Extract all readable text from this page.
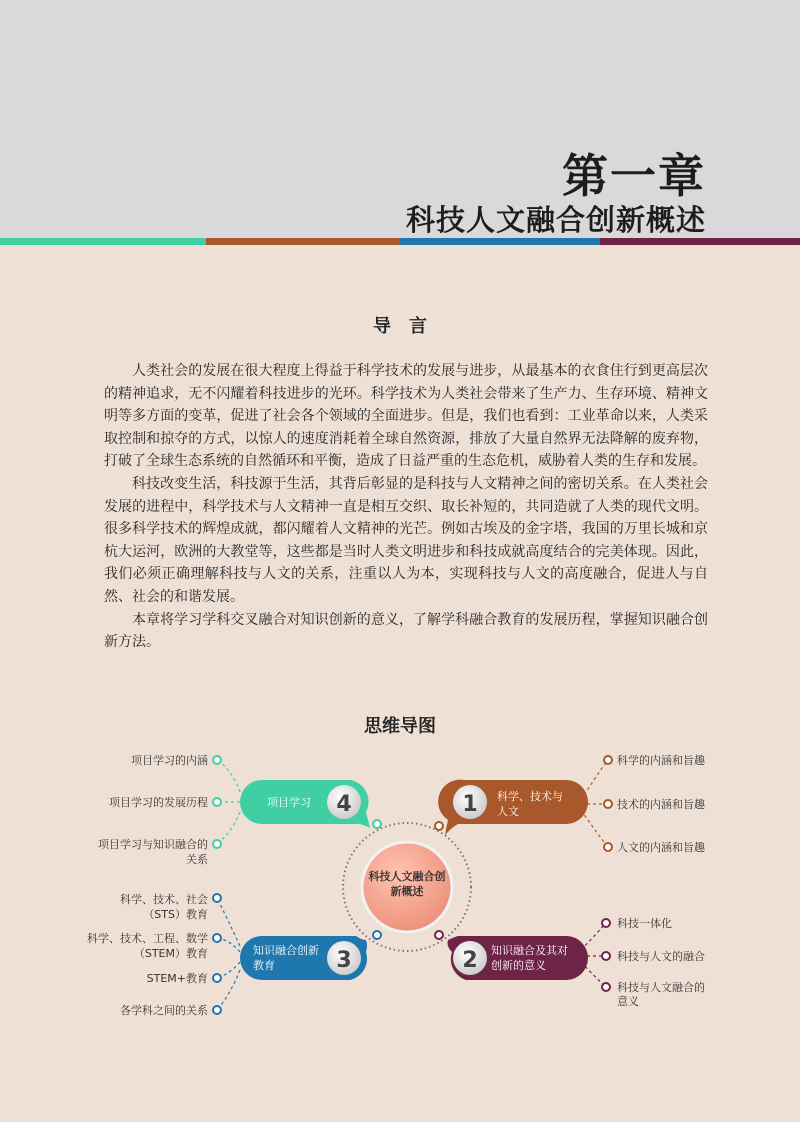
第一章
科技人文融合创新概述
导言

人类社会的发展在很大程度上得益于科学技术的发展与进步，从最基本的衣食住行到更高层次的精神追求，无不闪耀着科技进步的光环。科学技术为人类社会带来了生产力、生存环境、精神文明等多方面的变革，促进了社会各个领域的全面进步。但是，我们也看到：工业革命以来，人类采取控制和掠夺的方式，以惊人的速度消耗着全球自然资源，排放了大量自然界无法降解的废弃物，打破了全球生态系统的自然循环和平衡，造成了日益严重的生态危机，威胁着人类的生存和发展。

科技改变生活，科技源于生活，其背后彰显的是科技与人文精神之间的密切关系。在人类社会发展的进程中，科学技术与人文精神一直是相互交织、取长补短的，共同造就了人类的现代文明。很多科学技术的辉煌成就，都闪耀着人文精神的光芒。例如古埃及的金字塔，我国的万里长城和京杭大运河，欧洲的大教堂等，这些都是当时人类文明进步和科技成就高度结合的完美体现。因此，我们必须正确理解科技与人文的关系，注重以人为本，实现科技与人文的高度融合，促进人与自然、社会的和谐发展。

本章将学习学科交叉融合对知识创新的意义，了解学科融合教育的发展历程，掌握知识融合创新方法。

思维导图
科技人文融合创
新概述
1 科学、技术与
人文
科学的内涵和旨趣
技术的内涵和旨趣
人文的内涵和旨趣
2 知识融合及其对
创新的意义
科技一体化
科技与人文的融合
科技与人文融合的
意义
3
知识融合创新
教育
科学、技术、社会
（STS）教育
科学、技术、工程、数学
（STEM）教育
STEM+教育
各学科之间的关系
4
项目学习
项目学习的内涵
项目学习的发展历程
项目学习与知识融合的
关系
